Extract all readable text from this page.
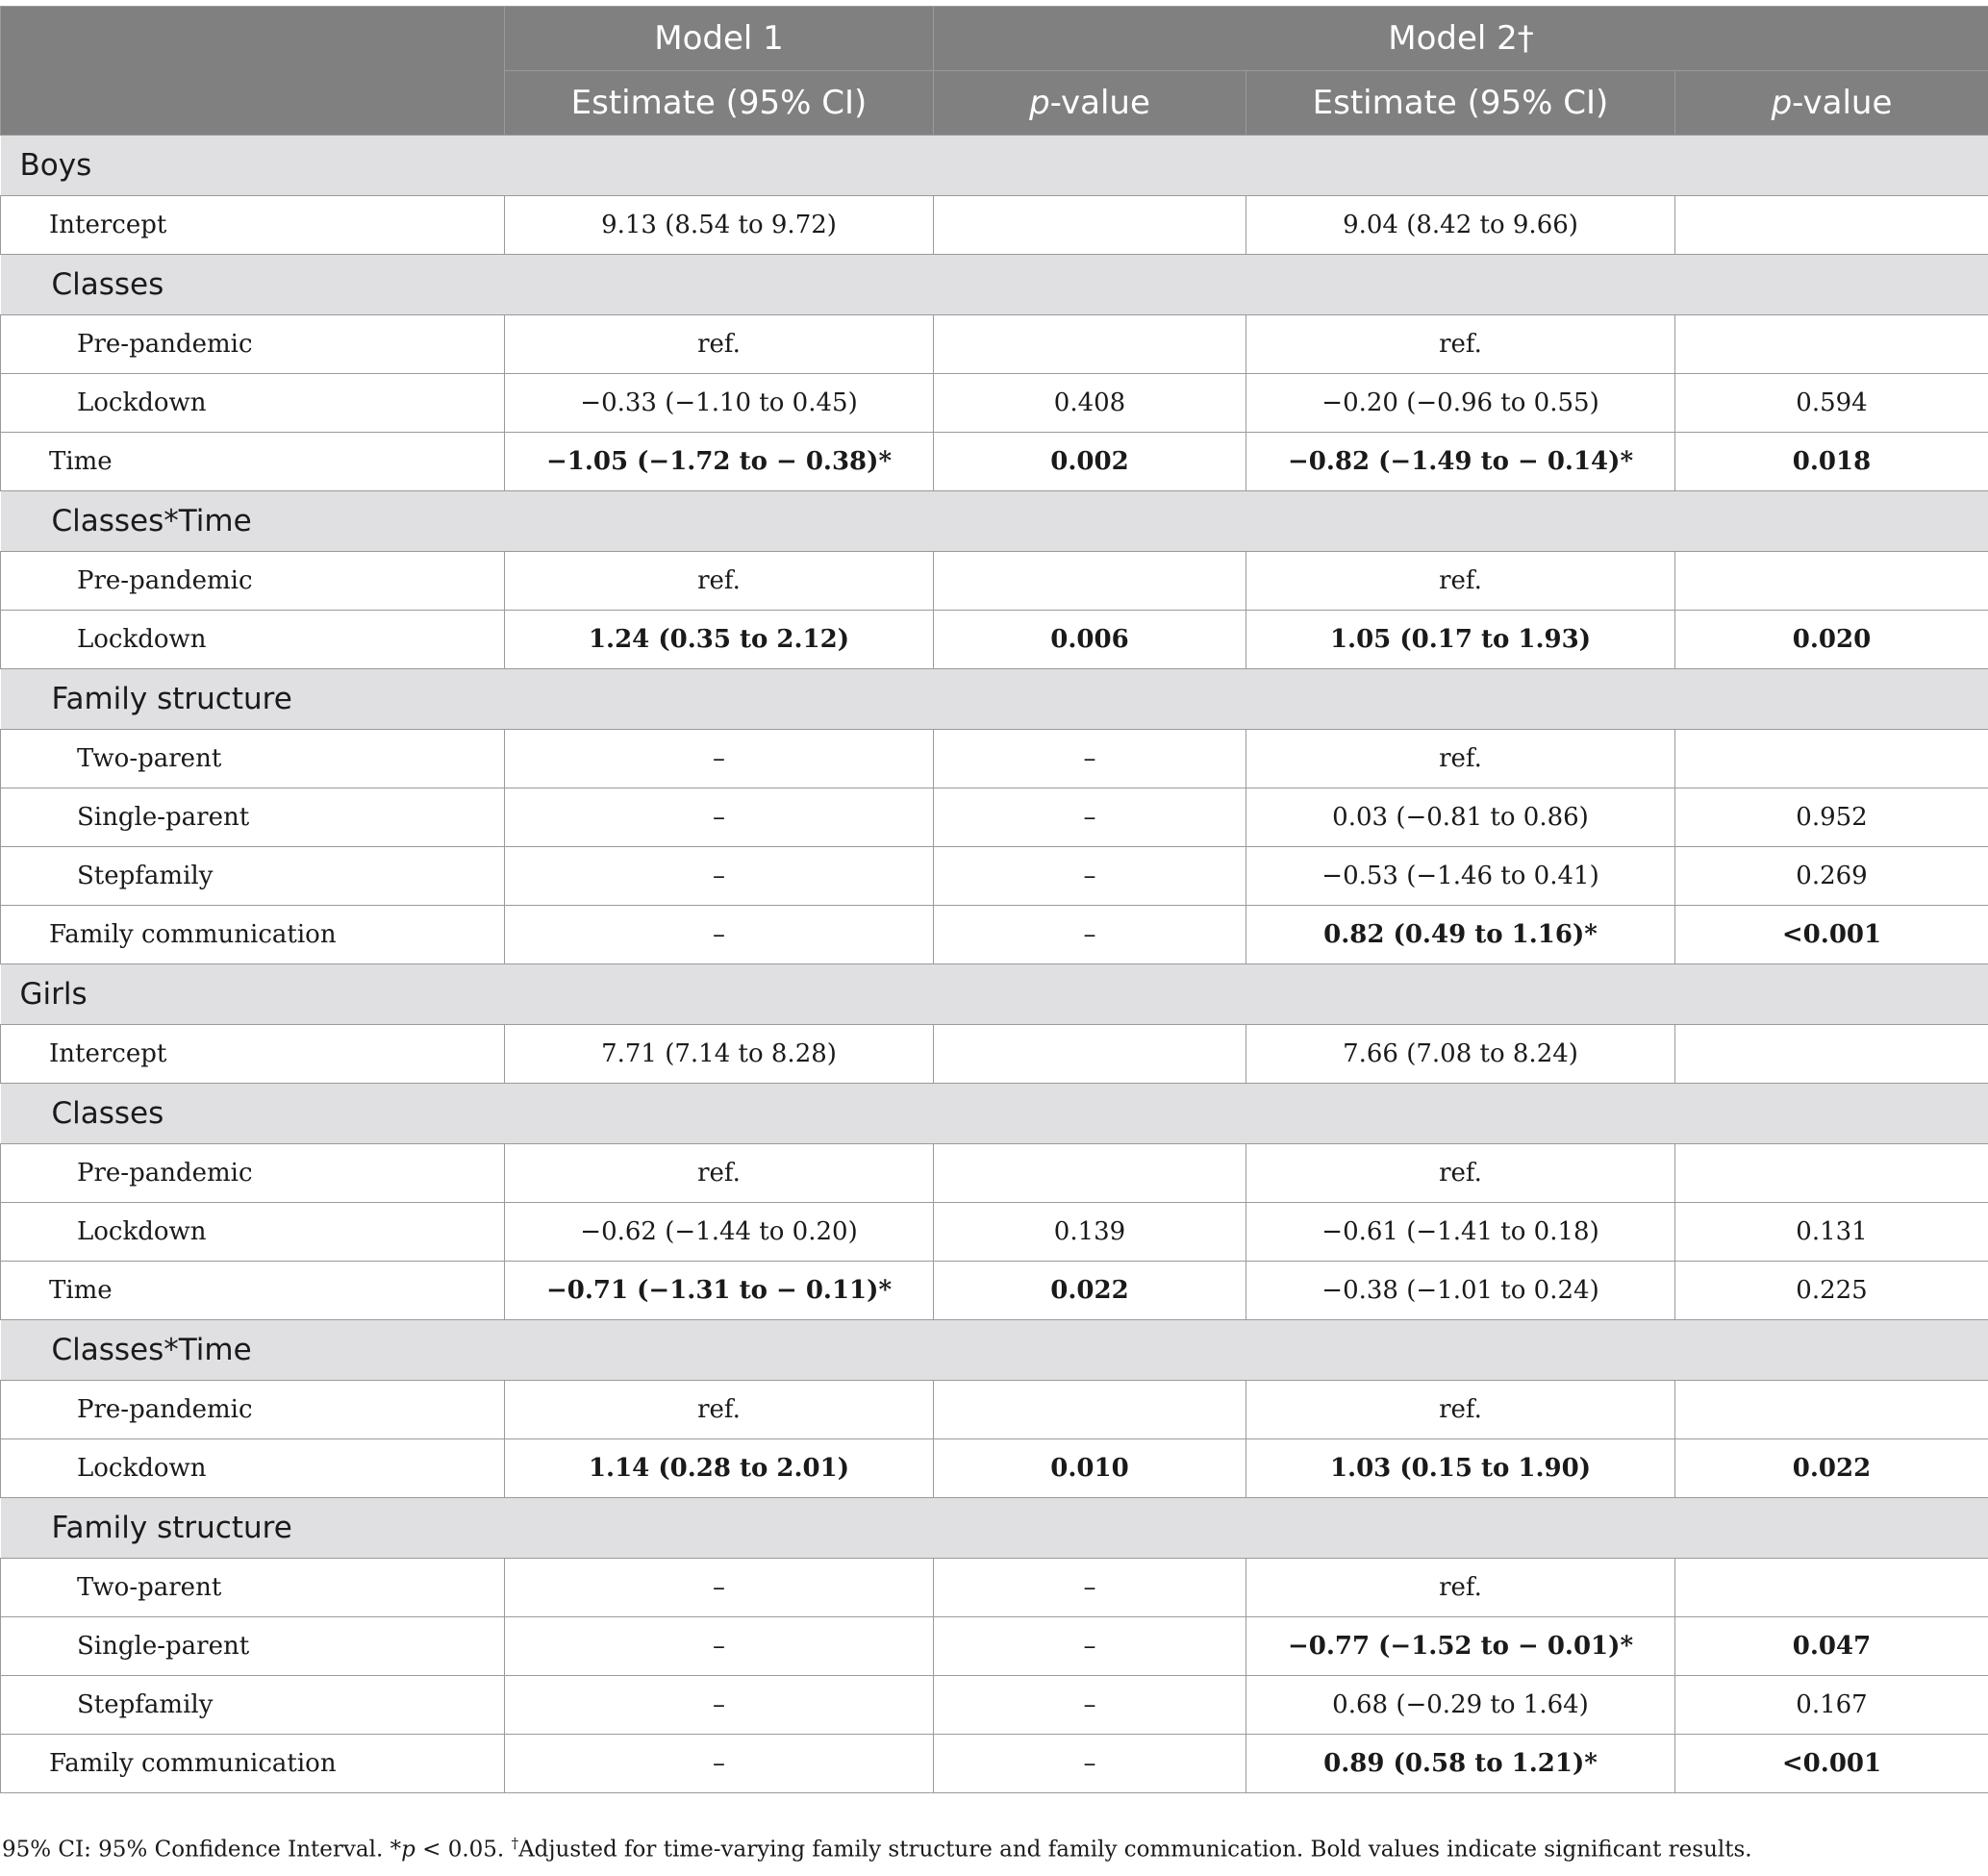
	Model 1	Model 2†		
	Estimate (95% CI)	p-value	Estimate (95% CI)	p-value
Boys				
Intercept	9.13 (8.54 to 9.72)		9.04 (8.42 to 9.66)	
Classes				
Pre-pandemic	ref.		ref.	
Lockdown	−0.33 (−1.10 to 0.45)	0.408	−0.20 (−0.96 to 0.55)	0.594
Time	−1.05 (−1.72 to − 0.38)*	0.002	−0.82 (−1.49 to − 0.14)*	0.018
Classes*Time				
Pre-pandemic	ref.		ref.	
Lockdown	1.24 (0.35 to 2.12)	0.006	1.05 (0.17 to 1.93)	0.020
Family structure				
Two-parent	–	–	ref.	
Single-parent	–	–	0.03 (−0.81 to 0.86)	0.952
Stepfamily	–	–	−0.53 (−1.46 to 0.41)	0.269
Family communication	–	–	0.82 (0.49 to 1.16)*	<0.001
Girls				
Intercept	7.71 (7.14 to 8.28)		7.66 (7.08 to 8.24)	
Classes				
Pre-pandemic	ref.		ref.	
Lockdown	−0.62 (−1.44 to 0.20)	0.139	−0.61 (−1.41 to 0.18)	0.131
Time	−0.71 (−1.31 to − 0.11)*	0.022	−0.38 (−1.01 to 0.24)	0.225
Classes*Time				
Pre-pandemic	ref.		ref.	
Lockdown	1.14 (0.28 to 2.01)	0.010	1.03 (0.15 to 1.90)	0.022
Family structure				
Two-parent	–	–	ref.	
Single-parent	–	–	−0.77 (−1.52 to − 0.01)*	0.047
Stepfamily	–	–	0.68 (−0.29 to 1.64)	0.167
Family communication	–	–	0.89 (0.58 to 1.21)*	<0.001
95% CI: 95% Confidence Interval. *p < 0.05. †Adjusted for time-varying family structure and family communication. Bold values indicate significant results.
